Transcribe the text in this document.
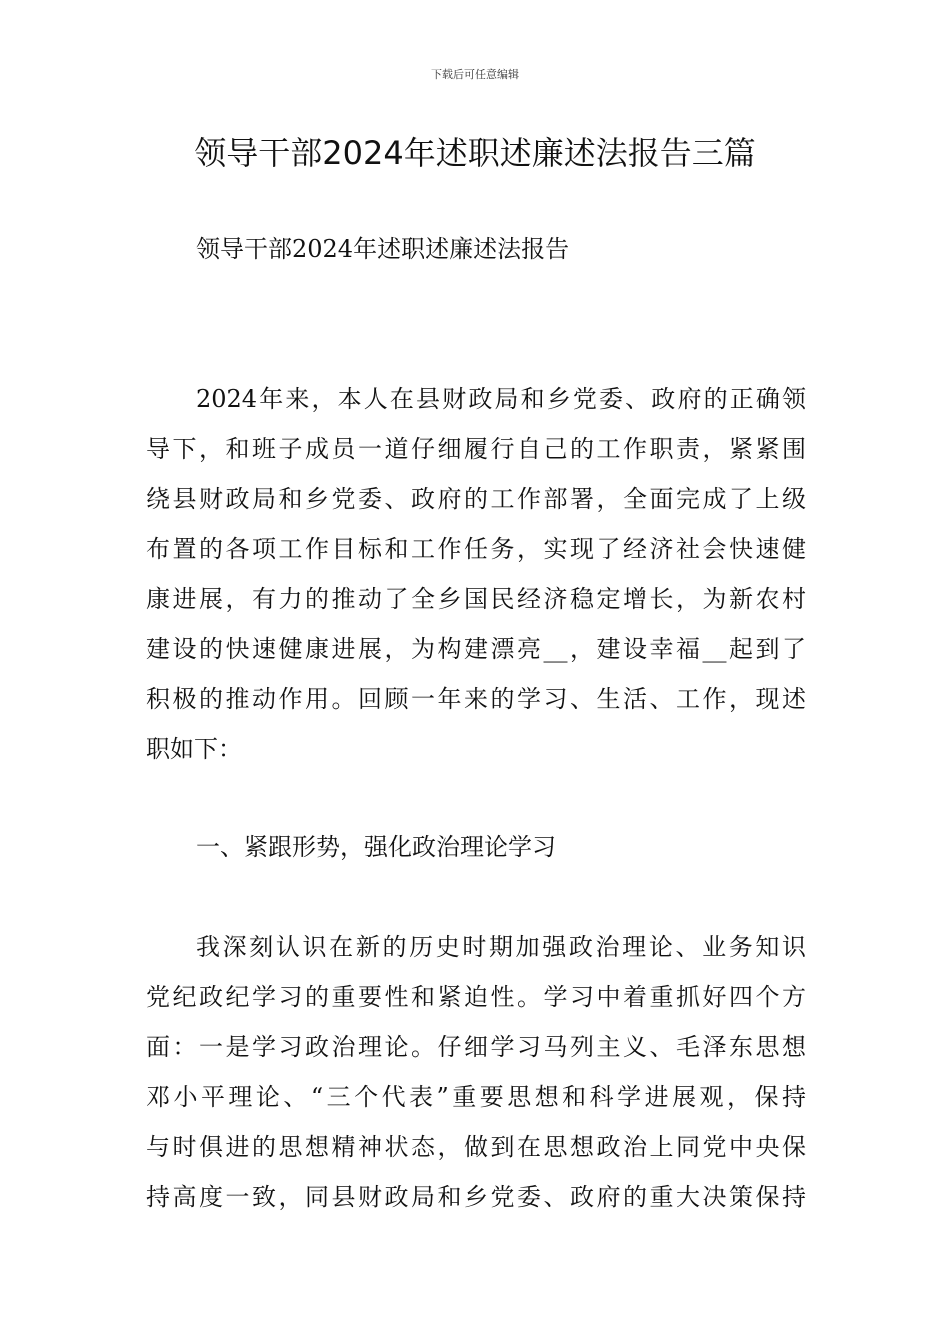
下载后可任意编辑
领导干部2024年述职述廉述法报告三篇
领导干部2024年述职述廉述法报告
2024年来，本人在县财政局和乡党委、政府的正确领
导下，和班子成员一道仔细履行自己的工作职责，紧紧围
绕县财政局和乡党委、政府的工作部署，全面完成了上级
布置的各项工作目标和工作任务，实现了经济社会快速健
康进展，有力的推动了全乡国民经济稳定增长，为新农村
建设的快速健康进展，为构建漂亮__，建设幸福__起到了
积极的推动作用。回顾一年来的学习、生活、工作，现述
职如下：
一、紧跟形势，强化政治理论学习
我深刻认识在新的历史时期加强政治理论、业务知识
党纪政纪学习的重要性和紧迫性。学习中着重抓好四个方
面：一是学习政治理论。仔细学习马列主义、毛泽东思想
邓小平理论、“三个代表”重要思想和科学进展观，保持
与时俱进的思想精神状态，做到在思想政治上同党中央保
持高度一致，同县财政局和乡党委、政府的重大决策保持
